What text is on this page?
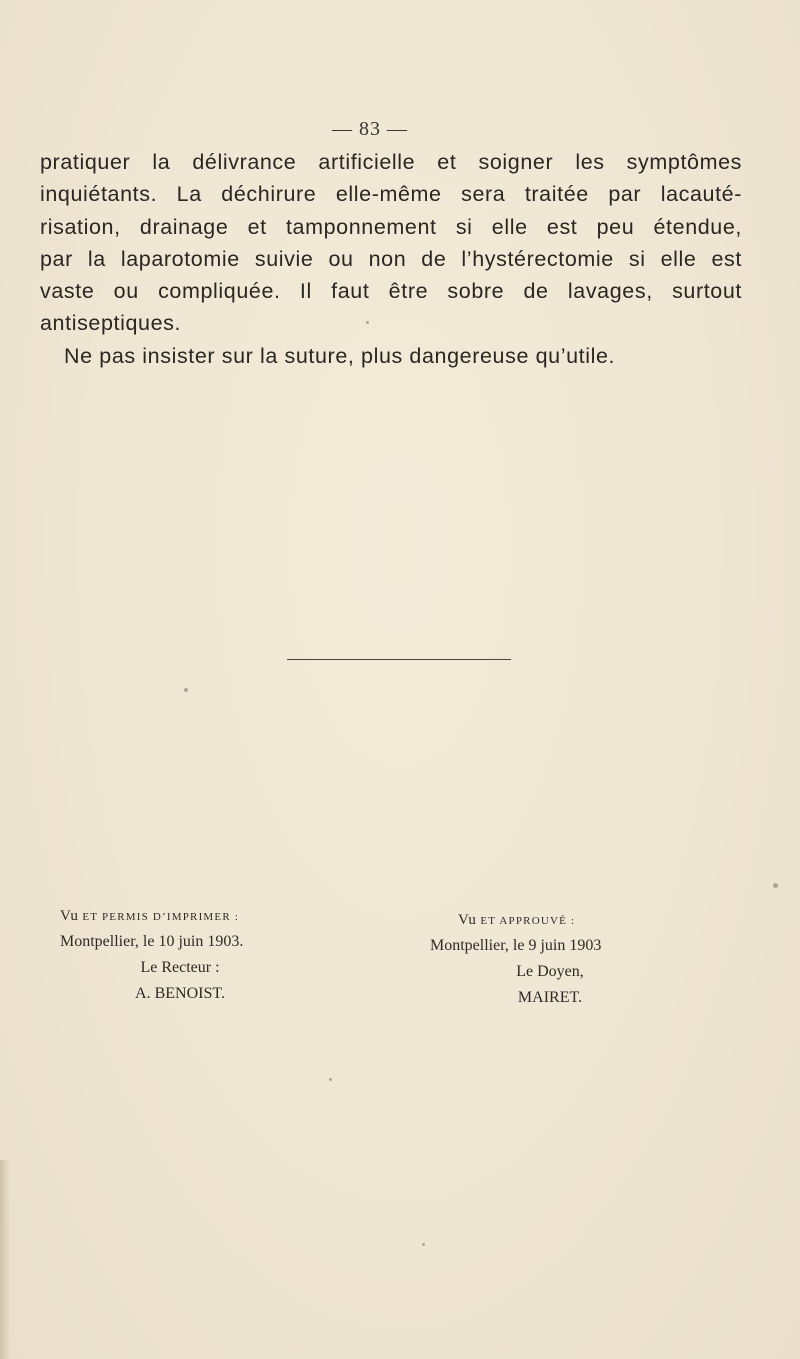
— 83 —
pratiquer la délivrance artificielle et soigner les symptômes
inquiétants. La déchirure elle-même sera traitée par lacauté-
risation, drainage et tamponnement si elle est peu étendue,
par la laparotomie suivie ou non de l’hystérectomie si elle est
vaste ou compliquée. Il faut être sobre de lavages, surtout
antiseptiques.
Ne pas insister sur la suture, plus dangereuse qu’utile.
Vu ET PERMIS D’IMPRIMER :
Montpellier, le 10 juin 1903.
Le Recteur :
A. BENOIST.
Vu ET APPROUVÉ :
Montpellier, le 9 juin 1903
Le Doyen,
MAIRET.
